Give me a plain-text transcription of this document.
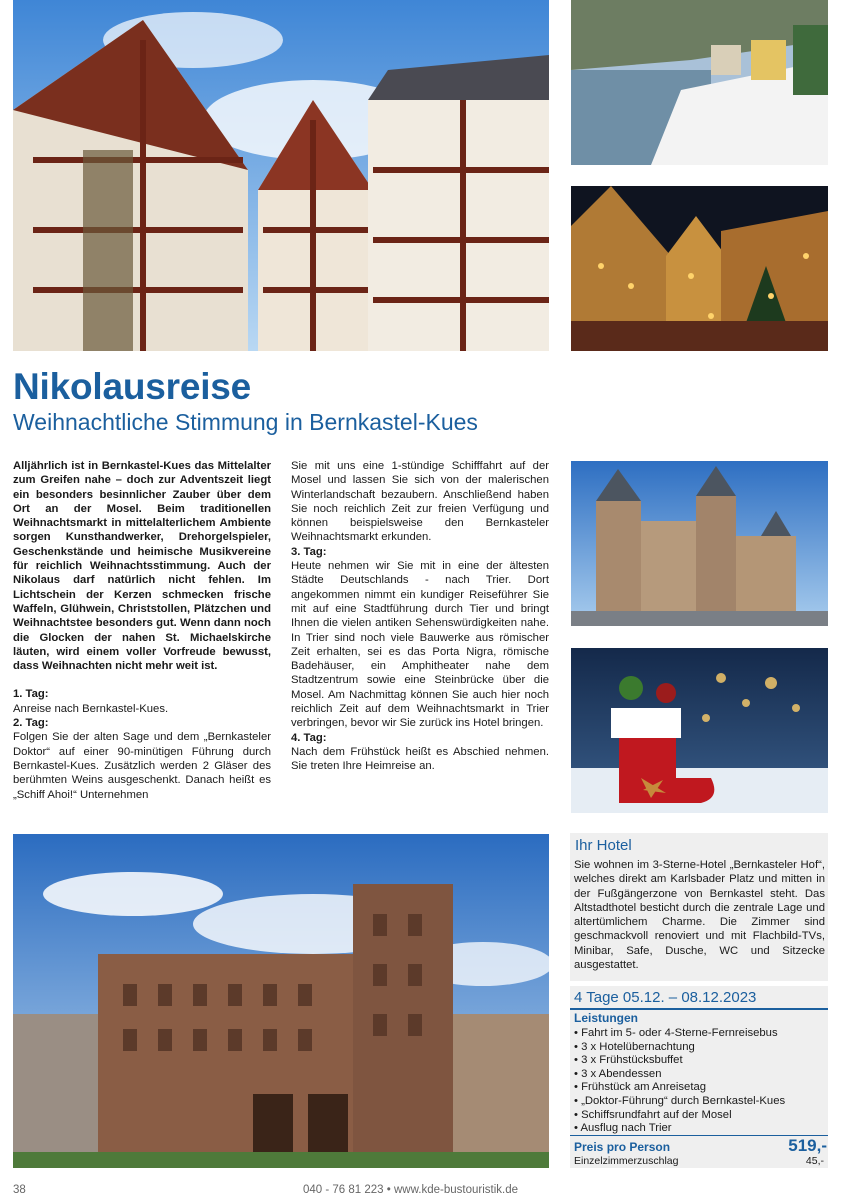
Nikolausreise
Weihnachtliche Stimmung in Bernkastel-Kues

Alljährlich ist in Bernkastel-Kues das Mittelalter zum Greifen nahe – doch zur Adventszeit liegt ein besonders besinnlicher Zauber über dem Ort an der Mosel. Beim traditionellen Weihnachtsmarkt in mittelalterlichem Ambiente sorgen Kunsthandwerker, Drehorgelspieler, Geschenkstände und heimische Musikvereine für reichlich Weihnachtsstimmung. Auch der Nikolaus darf natürlich nicht fehlen. Im Lichtschein der Kerzen schmecken frische Waffeln, Glühwein, Christstollen, Plätzchen und Weihnachtstee besonders gut. Wenn dann noch die Glocken der nahen St. Michaelskirche läuten, wird einem voller Vorfreude bewusst, dass Weihnachten nicht mehr weit ist.

1. Tag:

Anreise nach Bernkastel-Kues.

2. Tag:

Folgen Sie der alten Sage und dem „Bernkasteler Doktor“ auf einer 90-minütigen Führung durch Bernkastel-Kues. Zusätzlich werden 2 Gläser des berühmten Weins ausgeschenkt. Danach heißt es „Schiff Ahoi!“ Unternehmen

Sie mit uns eine 1-stündige Schifffahrt auf der Mosel und lassen Sie sich von der malerischen Winterlandschaft bezaubern. Anschließend haben Sie noch reichlich Zeit zur freien Verfügung und können beispielsweise den Bernkasteler Weihnachtsmarkt erkunden.

3. Tag:

Heute nehmen wir Sie mit in eine der ältesten Städte Deutschlands - nach Trier. Dort angekommen nimmt ein kundiger Reiseführer Sie mit auf eine Stadtführung durch Tier und bringt Ihnen die vielen antiken Sehenswürdigkeiten nahe. In Trier sind noch viele Bauwerke aus römischer Zeit erhalten, sei es das Porta Nigra, römische Badehäuser, ein Amphitheater nahe dem Stadtzentrum sowie eine Steinbrücke über die Mosel. Am Nachmittag können Sie auch hier noch reichlich Zeit auf dem Weihnachtsmarkt in Trier verbringen, bevor wir Sie zurück ins Hotel bringen.

4. Tag:

Nach dem Frühstück heißt es Abschied nehmen. Sie treten Ihre Heimreise an.

Ihr Hotel
Sie wohnen im 3-Sterne-Hotel „Bernkasteler Hof“, welches direkt am Karlsbader Platz und mitten in der Fußgängerzone von Bernkastel steht. Das Altstadthotel besticht durch die zentrale Lage und altertümlichem Charme. Die Zimmer sind geschmackvoll renoviert und mit Flachbild-TVs, Minibar, Safe, Dusche, WC und Sitzecke ausgestattet.
4 Tage 05.12. – 08.12.2023
Leistungen
• Fahrt im 5- oder 4-Sterne-Fernreisebus
• 3 x Hotelübernachtung
• 3 x Frühstücksbuffet
• 3 x Abendessen
• Frühstück am Anreisetag
• „Doktor-Führung“ durch Bernkastel-Kues
• Schiffsrundfahrt auf der Mosel
• Ausflug nach Trier
Preis pro Person	519,-
Einzelzimmerzuschlag	45,-
38	040 - 76 81 223 • www.kde-bustouristik.de
